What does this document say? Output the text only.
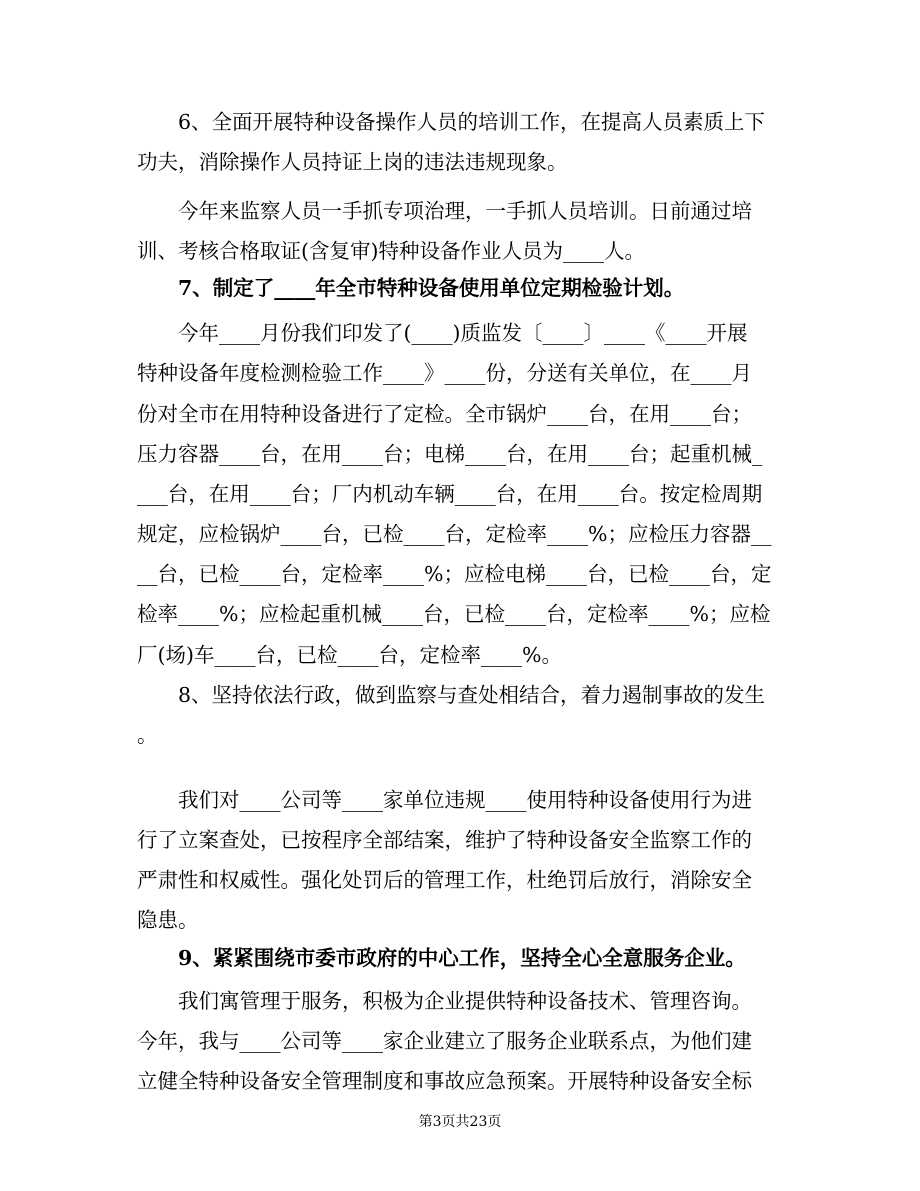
　　6、全面开展特种设备操作人员的培训工作，在提高人员素质上下
功夫，消除操作人员持证上岗的违法违规现象。
　　今年来监察人员一手抓专项治理，一手抓人员培训。日前通过培
训、考核合格取证(含复审)特种设备作业人员为____人。
　　7、制定了____年全市特种设备使用单位定期检验计划。
　　今年____月份我们印发了(____)质监发〔____〕____《____开展
特种设备年度检测检验工作____》____份，分送有关单位，在____月
份对全市在用特种设备进行了定检。全市锅炉____台，在用____台；
压力容器____台，在用____台；电梯____台，在用____台；起重机械_
___台，在用____台；厂内机动车辆____台，在用____台。按定检周期
规定，应检锅炉____台，已检____台，定检率____%；应检压力容器__
__台，已检____台，定检率____%；应检电梯____台，已检____台，定
检率____%；应检起重机械____台，已检____台，定检率____%；应检
厂(场)车____台，已检____台，定检率____%。
　　8、坚持依法行政，做到监察与查处相结合，着力遏制事故的发生
。
　　我们对____公司等____家单位违规____使用特种设备使用行为进
行了立案查处，已按程序全部结案，维护了特种设备安全监察工作的
严肃性和权威性。强化处罚后的管理工作，杜绝罚后放行，消除安全
隐患。
　　9、紧紧围绕市委市政府的中心工作，坚持全心全意服务企业。
　　我们寓管理于服务，积极为企业提供特种设备技术、管理咨询。
今年，我与____公司等____家企业建立了服务企业联系点，为他们建
立健全特种设备安全管理制度和事故应急预案。开展特种设备安全标
第3页共23页
